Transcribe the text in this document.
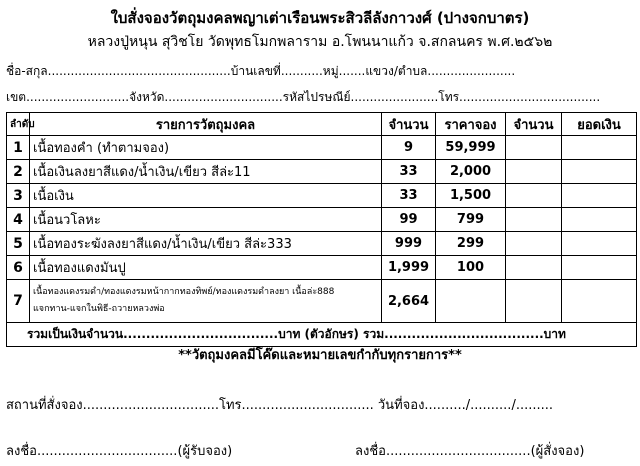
ใบสั่งจองวัตถุมงคลพญาเต่าเรือนพระสิวลีลังกาวงศ์ (ปางจกบาตร)
หลวงปู่หนุน สุวิชโย วัดพุทธโมกพลาราม อ.โพนนาแก้ว จ.สกลนคร พ.ศ.๒๕๖๒
ชื่อ-สกุล................................................บ้านเลขที่...........หมู่.......แขวง/ตำบล.......................
เขต...........................จังหวัด...............................รหัสไปรษณีย์.......................โทร.....................................
ลำดับ	รายการวัตถุมงคล	จำนวน	ราคาจอง	จำนวน	ยอดเงิน
1	เนื้อทองคำ (ทำตามจอง)	9	59,999		
2	เนื้อเงินลงยาสีแดง/น้ำเงิน/เขียว สีล่ะ11	33	2,000		
3	เนื้อเงิน	33	1,500		
4	เนื้อนวโลหะ	99	799		
5	เนื้อทองระฆังลงยาสีแดง/น้ำเงิน/เขียว สีล่ะ333	999	299		
6	เนื้อทองแดงมันปู	1,999	100		
7	เนื้อทองแดงรมดำ/ทองแดงรมหน้ากากทองทิพย์/ทองแดงรมดำลงยา เนื้อล่ะ888
แจกทาน-แจกในพิธี-ถวายหลวงพ่อ	2,664			
รวมเป็นเงินจำนวน..................................บาท (ตัวอักษร) รวม...................................บาท					
**วัตถุมงคลมีโค๊ดและหมายเลขกำกับทุกรายการ**
สถานที่สั่งจอง.................................โทร................................ วันที่จอง........../........../.........
ลงชื่อ..................................(ผู้รับจอง)	ลงชื่อ...................................(ผู้สั่งจอง)
